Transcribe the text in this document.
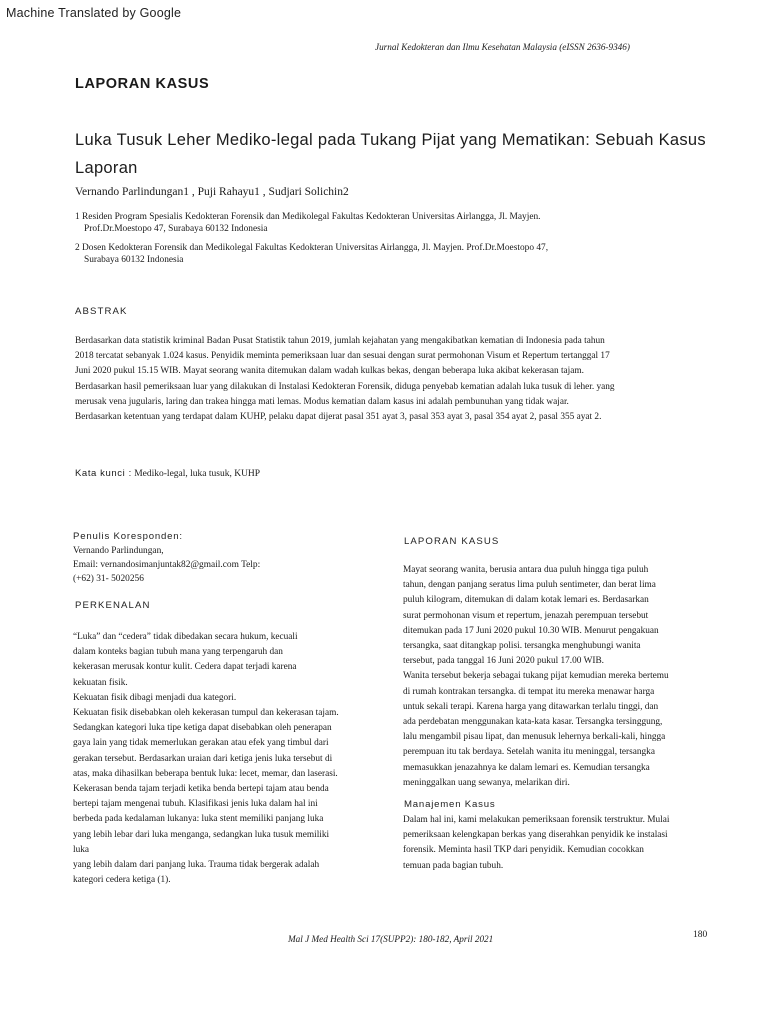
Machine Translated by Google
Jurnal Kedokteran dan Ilmu Kesehatan Malaysia (eISSN 2636-9346)
LAPORAN KASUS
Luka Tusuk Leher Mediko-legal pada Tukang Pijat yang Mematikan: Sebuah Kasus Laporan
Vernando Parlindungan1 , Puji Rahayu1 , Sudjari Solichin2
1 Residen Program Spesialis Kedokteran Forensik dan Medikolegal Fakultas Kedokteran Universitas Airlangga, Jl. Mayjen.
Prof.Dr.Moestopo 47, Surabaya 60132 Indonesia
2 Dosen Kedokteran Forensik dan Medikolegal Fakultas Kedokteran Universitas Airlangga, Jl. Mayjen. Prof.Dr.Moestopo 47,
Surabaya 60132 Indonesia
ABSTRAK
Berdasarkan data statistik kriminal Badan Pusat Statistik tahun 2019, jumlah kejahatan yang mengakibatkan kematian di Indonesia pada tahun
2018 tercatat sebanyak 1.024 kasus. Penyidik meminta pemeriksaan luar dan sesuai dengan surat permohonan Visum et Repertum tertanggal 17
Juni 2020 pukul 15.15 WIB. Mayat seorang wanita ditemukan dalam wadah kulkas bekas, dengan beberapa luka akibat kekerasan tajam.
Berdasarkan hasil pemeriksaan luar yang dilakukan di Instalasi Kedokteran Forensik, diduga penyebab kematian adalah luka tusuk di leher. yang
merusak vena jugularis, laring dan trakea hingga mati lemas. Modus kematian dalam kasus ini adalah pembunuhan yang tidak wajar.
Berdasarkan ketentuan yang terdapat dalam KUHP, pelaku dapat dijerat pasal 351 ayat 3, pasal 353 ayat 3, pasal 354 ayat 2, pasal 355 ayat 2.
Kata kunci : Mediko-legal, luka tusuk, KUHP
Penulis Koresponden:
Vernando Parlindungan,
Email: vernandosimanjuntak82@gmail.com Telp:
(+62) 31- 5020256
PERKENALAN
“Luka” dan “cedera” tidak dibedakan secara hukum, kecuali
dalam konteks bagian tubuh mana yang terpengaruh dan
kekerasan merusak kontur kulit. Cedera dapat terjadi karena
kekuatan fisik.
Kekuatan fisik dibagi menjadi dua kategori.
Kekuatan fisik disebabkan oleh kekerasan tumpul dan kekerasan tajam.
Sedangkan kategori luka tipe ketiga dapat disebabkan oleh penerapan
gaya lain yang tidak memerlukan gerakan atau efek yang timbul dari
gerakan tersebut. Berdasarkan uraian dari ketiga jenis luka tersebut di
atas, maka dihasilkan beberapa bentuk luka: lecet, memar, dan laserasi.
Kekerasan benda tajam terjadi ketika benda bertepi tajam atau benda
bertepi tajam mengenai tubuh. Klasifikasi jenis luka dalam hal ini
berbeda pada kedalaman lukanya: luka stent memiliki panjang luka
yang lebih lebar dari luka menganga, sedangkan luka tusuk memiliki
luka
yang lebih dalam dari panjang luka. Trauma tidak bergerak adalah
kategori cedera ketiga (1).
LAPORAN KASUS
Mayat seorang wanita, berusia antara dua puluh hingga tiga puluh
tahun, dengan panjang seratus lima puluh sentimeter, dan berat lima
puluh kilogram, ditemukan di dalam kotak lemari es. Berdasarkan
surat permohonan visum et repertum, jenazah perempuan tersebut
ditemukan pada 17 Juni 2020 pukul 10.30 WIB. Menurut pengakuan
tersangka, saat ditangkap polisi. tersangka menghubungi wanita
tersebut, pada tanggal 16 Juni 2020 pukul 17.00 WIB.
Wanita tersebut bekerja sebagai tukang pijat kemudian mereka bertemu
di rumah kontrakan tersangka. di tempat itu mereka menawar harga
untuk sekali terapi. Karena harga yang ditawarkan terlalu tinggi, dan
ada perdebatan menggunakan kata-kata kasar. Tersangka tersinggung,
lalu mengambil pisau lipat, dan menusuk lehernya berkali-kali, hingga
perempuan itu tak berdaya. Setelah wanita itu meninggal, tersangka
memasukkan jenazahnya ke dalam lemari es. Kemudian tersangka
meninggalkan uang sewanya, melarikan diri.
Manajemen Kasus
Dalam hal ini, kami melakukan pemeriksaan forensik terstruktur. Mulai
pemeriksaan kelengkapan berkas yang diserahkan penyidik ke instalasi
forensik. Meminta hasil TKP dari penyidik. Kemudian cocokkan
temuan pada bagian tubuh.
Mal J Med Health Sci 17(SUPP2): 180-182, April 2021	180
